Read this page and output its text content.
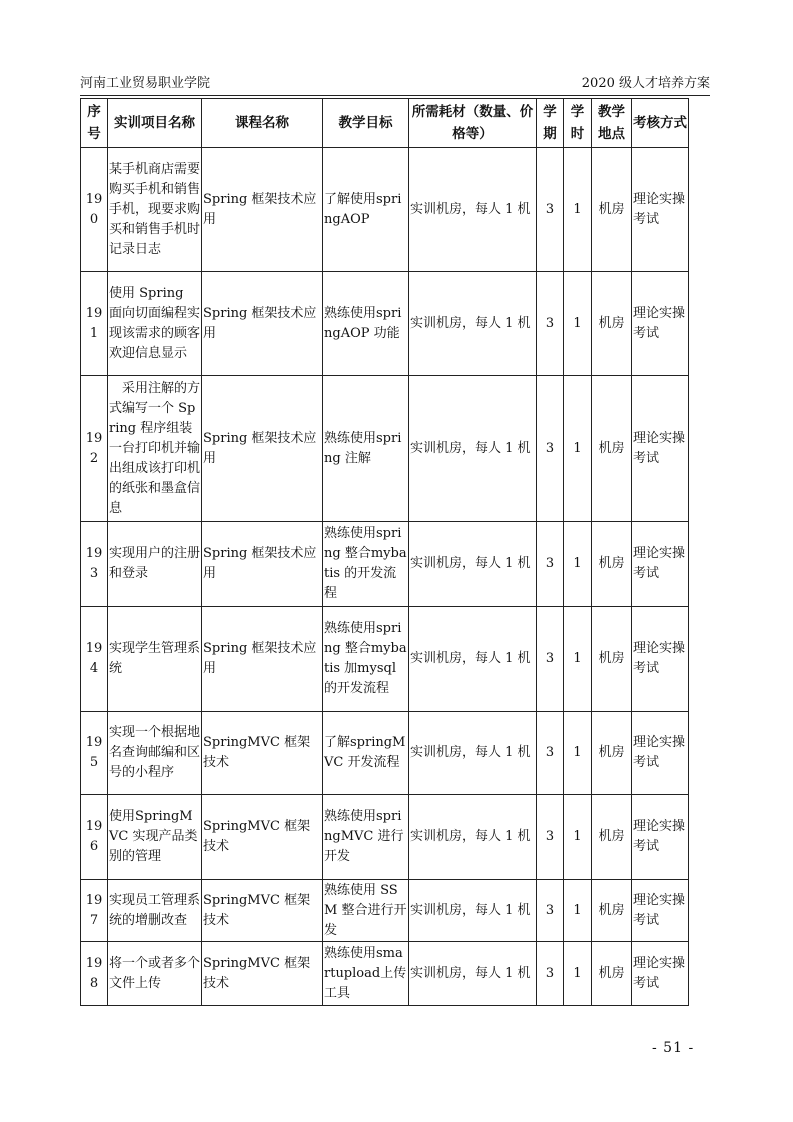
河南工业贸易职业学院	2020 级人才培养方案
序号	实训项目名称	课程名称	教学目标	所需耗材（数量、价格等）	学期	学时	教学地点	考核方式
190	某手机商店需要购买手机和销售手机，现要求购买和销售手机时记录日志	Spring 框架技术应用	了解使用springAOP	实训机房，每人 1 机	3	1	机房	理论实操考试
191	使用 Spring 面向切面编程实现该需求的顾客欢迎信息显示	Spring 框架技术应用	熟练使用springAOP 功能	实训机房，每人 1 机	3	1	机房	理论实操考试
192	　采用注解的方式编写一个 Spring 程序组装一台打印机并输出组成该打印机的纸张和墨盒信息	Spring 框架技术应用	熟练使用spring 注解	实训机房，每人 1 机	3	1	机房	理论实操考试
193	实现用户的注册和登录	Spring 框架技术应用	熟练使用spring 整合mybatis 的开发流程	实训机房，每人 1 机	3	1	机房	理论实操考试
194	实现学生管理系统	Spring 框架技术应用	熟练使用spring 整合mybatis 加mysql 的开发流程	实训机房，每人 1 机	3	1	机房	理论实操考试
195	实现一个根据地名查询邮编和区号的小程序	SpringMVC 框架技术	了解springMVC 开发流程	实训机房，每人 1 机	3	1	机房	理论实操考试
196	使用SpringMVC 实现产品类别的管理	SpringMVC 框架技术	熟练使用springMVC 进行开发	实训机房，每人 1 机	3	1	机房	理论实操考试
197	实现员工管理系统的增删改查	SpringMVC 框架技术	熟练使用 SSM 整合进行开发	实训机房，每人 1 机	3	1	机房	理论实操考试
198	将一个或者多个文件上传	SpringMVC 框架技术	熟练使用smartupload上传工具	实训机房，每人 1 机	3	1	机房	理论实操考试
- 51 -
